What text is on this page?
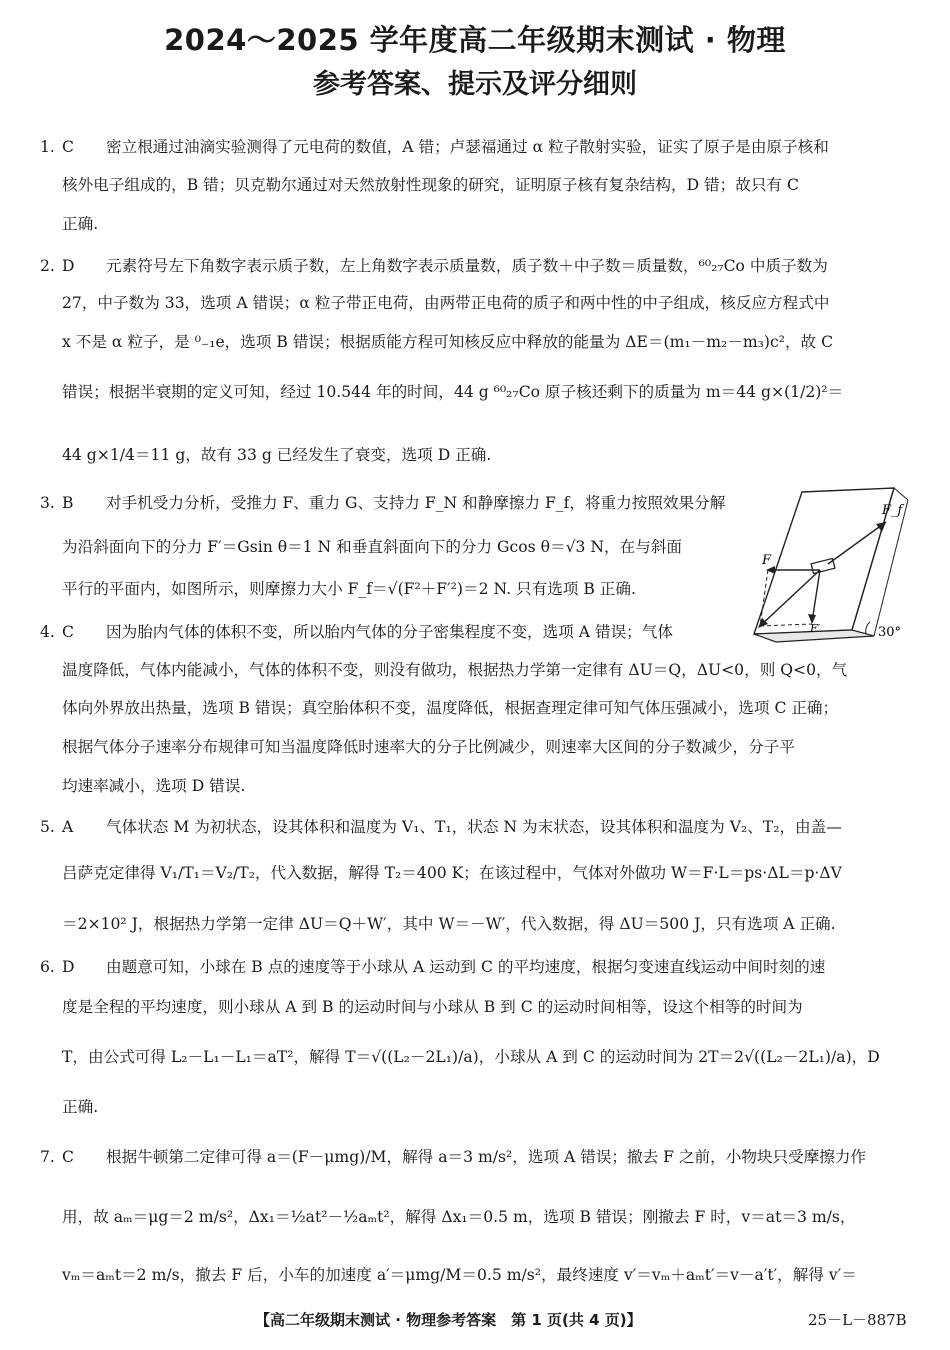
2024～2025 学年度高二年级期末测试 · 物理
参考答案、提示及评分细则
1. C 密立根通过油滴实验测得了元电荷的数值，A 错；卢瑟福通过 α 粒子散射实验，证实了原子是由原子核和
核外电子组成的，B 错；贝克勒尔通过对天然放射性现象的研究，证明原子核有复杂结构，D 错；故只有 C
正确.
2. D 元素符号左下角数字表示质子数，左上角数字表示质量数，质子数＋中子数＝质量数，⁶⁰₂₇Co 中质子数为
27，中子数为 33，选项 A 错误；α 粒子带正电荷，由两带正电荷的质子和两中性的中子组成，核反应方程式中
x 不是 α 粒子，是 ⁰₋₁e，选项 B 错误；根据质能方程可知核反应中释放的能量为 ΔE＝(m₁－m₂－m₃)c²，故 C
错误；根据半衰期的定义可知，经过 10.544 年的时间，44 g ⁶⁰₂₇Co 原子核还剩下的质量为 m＝44 g×(1/2)²＝
44 g×1/4＝11 g，故有 33 g 已经发生了衰变，选项 D 正确.
3. B 对手机受力分析，受推力 F、重力 G、支持力 F_N 和静摩擦力 F_f，将重力按照效果分解
为沿斜面向下的分力 F′＝Gsin θ＝1 N 和垂直斜面向下的分力 Gcos θ＝√3 N，在与斜面
平行的平面内，如图所示，则摩擦力大小 F_f＝√(F²＋F′²)＝2 N. 只有选项 B 正确.
F_f
F
F′	30°
4. C 因为胎内气体的体积不变，所以胎内气体的分子密集程度不变，选项 A 错误；气体
温度降低，气体内能减小，气体的体积不变，则没有做功，根据热力学第一定律有 ΔU＝Q，ΔU<0，则 Q<0，气
体向外界放出热量，选项 B 错误；真空胎体积不变，温度降低，根据查理定律可知气体压强减小，选项 C 正确；
根据气体分子速率分布规律可知当温度降低时速率大的分子比例减少，则速率大区间的分子数减少，分子平
均速率减小，选项 D 错误.
5. A 气体状态 M 为初状态，设其体积和温度为 V₁、T₁，状态 N 为末状态，设其体积和温度为 V₂、T₂，由盖—
吕萨克定律得 V₁/T₁＝V₂/T₂，代入数据，解得 T₂＝400 K；在该过程中，气体对外做功 W＝F·L＝ps·ΔL＝p·ΔV
＝2×10² J，根据热力学第一定律 ΔU＝Q＋W′，其中 W＝－W′，代入数据，得 ΔU＝500 J，只有选项 A 正确.
6. D 由题意可知，小球在 B 点的速度等于小球从 A 运动到 C 的平均速度，根据匀变速直线运动中间时刻的速
度是全程的平均速度，则小球从 A 到 B 的运动时间与小球从 B 到 C 的运动时间相等，设这个相等的时间为
T，由公式可得 L₂－L₁－L₁＝aT²，解得 T＝√((L₂－2L₁)/a)，小球从 A 到 C 的运动时间为 2T＝2√((L₂－2L₁)/a)，D
正确.
7. C 根据牛顿第二定律可得 a＝(F－μmg)/M，解得 a＝3 m/s²，选项 A 错误；撤去 F 之前，小物块只受摩擦力作
用，故 aₘ＝μg＝2 m/s²，Δx₁＝½at²－½aₘt²，解得 Δx₁＝0.5 m，选项 B 错误；刚撤去 F 时，v＝at＝3 m/s，
vₘ＝aₘt＝2 m/s，撤去 F 后，小车的加速度 a′＝μmg/M＝0.5 m/s²，最终速度 v′＝vₘ＋aₘt′＝v－a′t′，解得 v′＝
【高二年级期末测试 · 物理参考答案　第 1 页(共 4 页)】	25－L－887B
